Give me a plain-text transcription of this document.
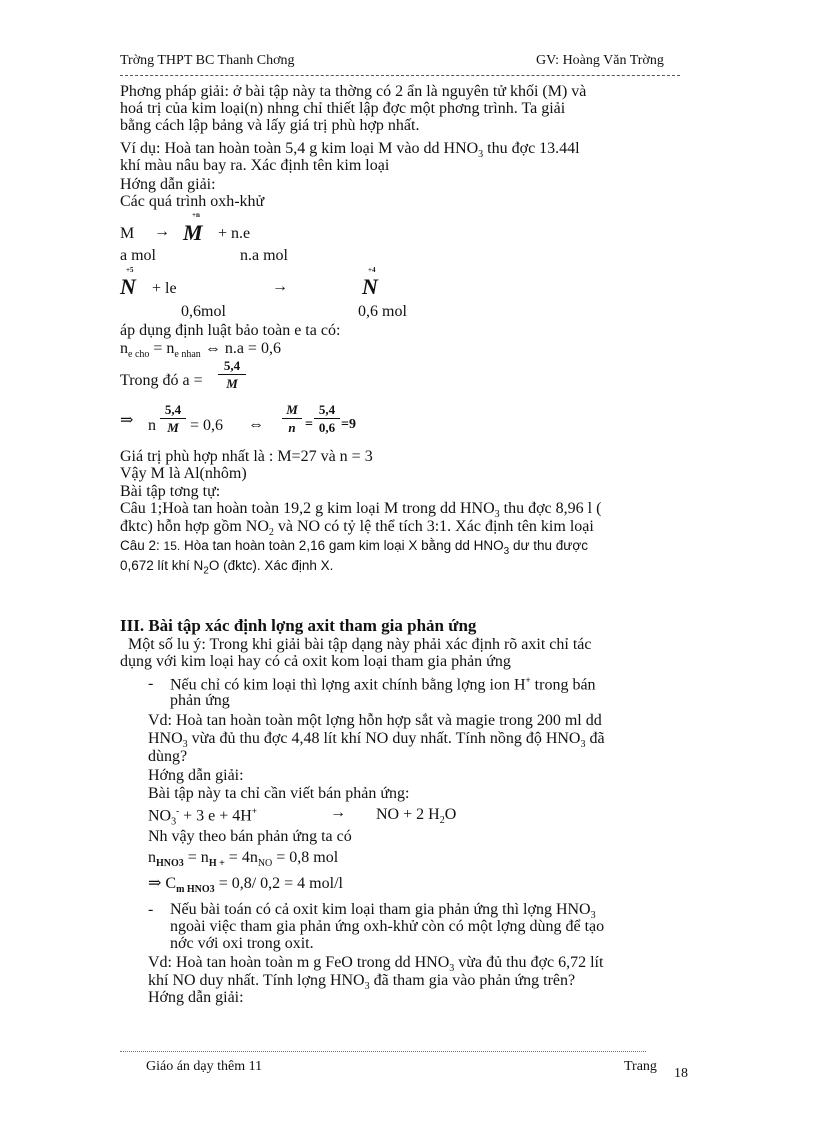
Trờng THPT BC Thanh Chơng	GV: Hoàng Văn Trờng
Phơng pháp giải: ở bài tập này ta thờng có 2 ẩn là nguyên tử khối (M) và
hoá trị của kim loại(n) nhng chỉ thiết lập đợc một phơng trình. Ta giải
bằng cách lập bảng và lấy giá trị phù hợp nhất.
Ví dụ: Hoà tan hoàn toàn 5,4 g kim loại M vào dd $HNO_3$ thu đợc 13.44l
khí màu nâu bay ra. Xác định tên kim loại
Hớng dẫn giải:
Các quá trình oxh-khử
+n
M → M + n.e
a mol	n.a mol
+5
N + le	→
+4
N
0,6mol	0,6 mol
áp dụng định luật bảo toàn e ta có:
$n_{e cho} = n_{e nhan}$ ⇔ n.a = 0,6
Trong đó $a = \frac{5,4}{M}$
⇒ n $\frac{5,4}{M} = 0,6$ ⇔ $\frac{M}{n} = \frac{5,4}{0,6} =9$
Giá trị phù hợp nhất là : M=27 và n = 3
Vậy M là Al(nhôm)
Bài tập tơng tự:
Câu 1;Hoà tan hoàn toàn 19,2 g kim loại M trong dd $HNO_3$ thu đợc 8,96 l (
đktc) hỗn hợp gồm $NO_2$ và NO có tỷ lệ thể tích 3:1. Xác định tên kim loại
Câu 2: 15. Hòa tan hoàn toàn 2,16 gam kim loại X bằng dd $HNO_3$ dư thu được
0,672 lít khí $N_2O$ (đktc). Xác định X.
III. Bài tập xác định lợng axit tham gia phản ứng
Một số lu ý: Trong khi giải bài tập dạng này phải xác định rõ axit chỉ tác
dụng với kim loại hay có cả oxit kom loại tham gia phản ứng
- Nếu chỉ có kim loại thì lợng axit chính bằng lợng ion H+ trong bán
phản ứng
Vd: Hoà tan hoàn toàn một lợng hỗn hợp sắt và magie trong 200 ml dd
$HNO_3$ vừa đủ thu đợc 4,48 lít khí NO duy nhất. Tính nồng độ $HNO_3$ đã
dùng?
Hớng dẫn giải:
Bài tập này ta chỉ cần viết bán phản ứng:
$NO_3^- + 3$ e + 4H+	→ NO + 2 $H_2O$
Nh vậy theo bán phản ứng ta có
$n_{HNO3} = n_{H +} = 4n_{NO} = 0,8$ mol
⇒ $C_{m HNO3} = 0,8/$ 0,2 = 4 mol/l
- Nếu bài toán có cả oxit kim loại tham gia phản ứng thì lợng $HNO_3$
ngoài việc tham gia phản ứng oxh-khử còn có một lợng dùng để tạo
nớc với oxi trong oxit.
Vd: Hoà tan hoàn toàn m g FeO trong dd $HNO_3$ vừa đủ thu đợc 6,72 lít
khí NO duy nhất. Tính lợng $HNO_3$ đã tham gia vào phản ứng trên?
Hớng dẫn giải:
Giáo án dạy thêm 11	Trang 18
